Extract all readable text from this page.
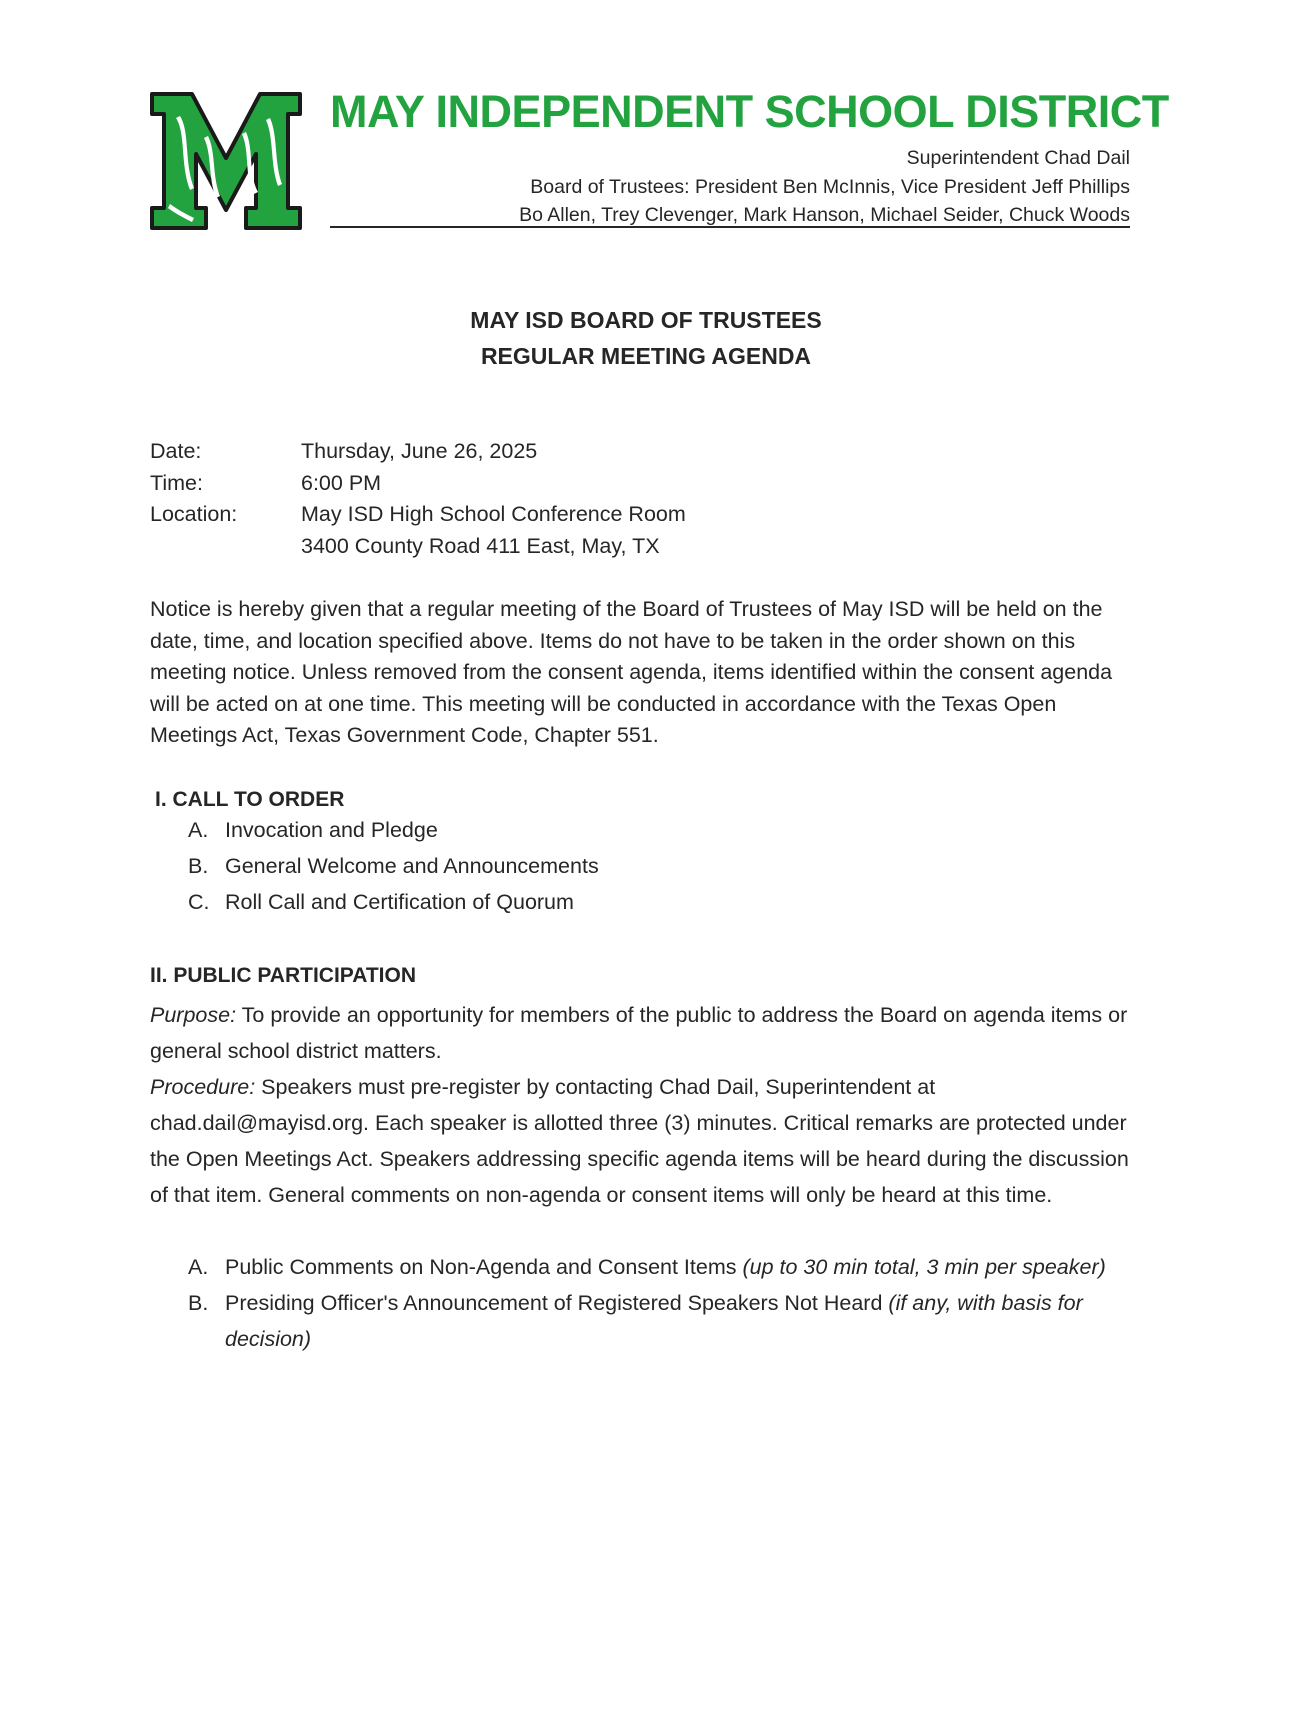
MAY INDEPENDENT SCHOOL DISTRICT
Superintendent Chad Dail
Board of Trustees: President Ben McInnis, Vice President Jeff Phillips
Bo Allen, Trey Clevenger, Mark Hanson, Michael Seider, Chuck Woods
MAY ISD BOARD OF TRUSTEES
REGULAR MEETING AGENDA
Date:	Thursday, June 26, 2025
Time:	6:00 PM
Location:	May ISD High School Conference Room
3400 County Road 411 East, May, TX
Notice is hereby given that a regular meeting of the Board of Trustees of May ISD will be held on the date, time, and location specified above. Items do not have to be taken in the order shown on this meeting notice. Unless removed from the consent agenda, items identified within the consent agenda will be acted on at one time. This meeting will be conducted in accordance with the Texas Open Meetings Act, Texas Government Code, Chapter 551.
I. CALL TO ORDER
A. Invocation and Pledge
B. General Welcome and Announcements
C. Roll Call and Certification of Quorum
II. PUBLIC PARTICIPATION
Purpose: To provide an opportunity for members of the public to address the Board on agenda items or general school district matters.
Procedure: Speakers must pre-register by contacting Chad Dail, Superintendent at chad.dail@mayisd.org. Each speaker is allotted three (3) minutes. Critical remarks are protected under the Open Meetings Act. Speakers addressing specific agenda items will be heard during the discussion of that item. General comments on non-agenda or consent items will only be heard at this time.
A. Public Comments on Non-Agenda and Consent Items (up to 30 min total, 3 min per speaker)
B. Presiding Officer's Announcement of Registered Speakers Not Heard (if any, with basis for decision)
